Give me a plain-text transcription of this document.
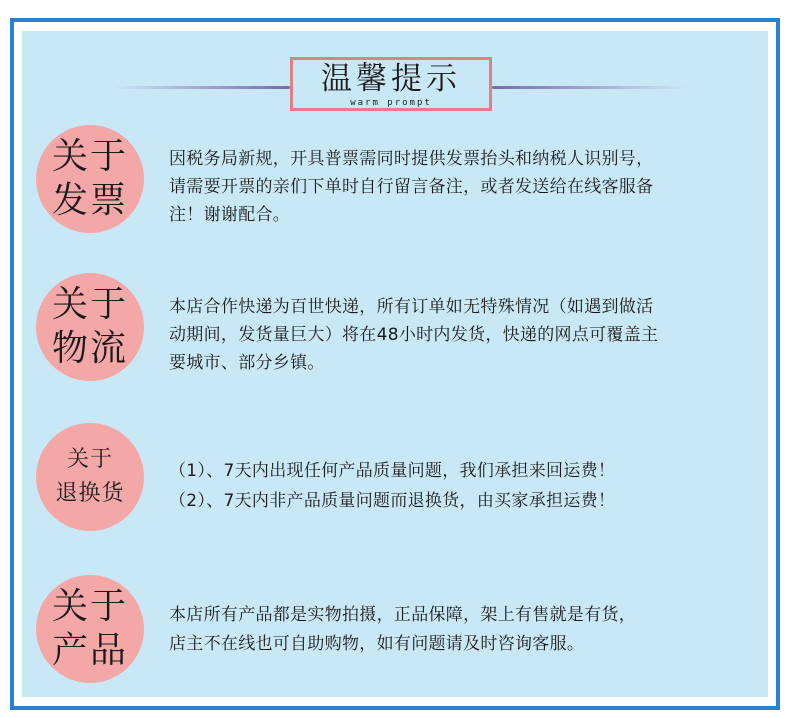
温馨提示
warm prompt
关于
发票

因税务局新规，开具普票需同时提供发票抬头和纳税人识别号，

请需要开票的亲们下单时自行留言备注，或者发送给在线客服备

注！谢谢配合。

关于
物流

本店合作快递为百世快递，所有订单如无特殊情况（如遇到做活

动期间，发货量巨大）将在48小时内发货，快递的网点可覆盖主

要城市、部分乡镇。

关于
退换货

（1）、7天内出现任何产品质量问题，我们承担来回运费！

（2）、7天内非产品质量问题而退换货，由买家承担运费！

关于
产品

本店所有产品都是实物拍摄，正品保障，架上有售就是有货，

店主不在线也可自助购物，如有问题请及时咨询客服。
